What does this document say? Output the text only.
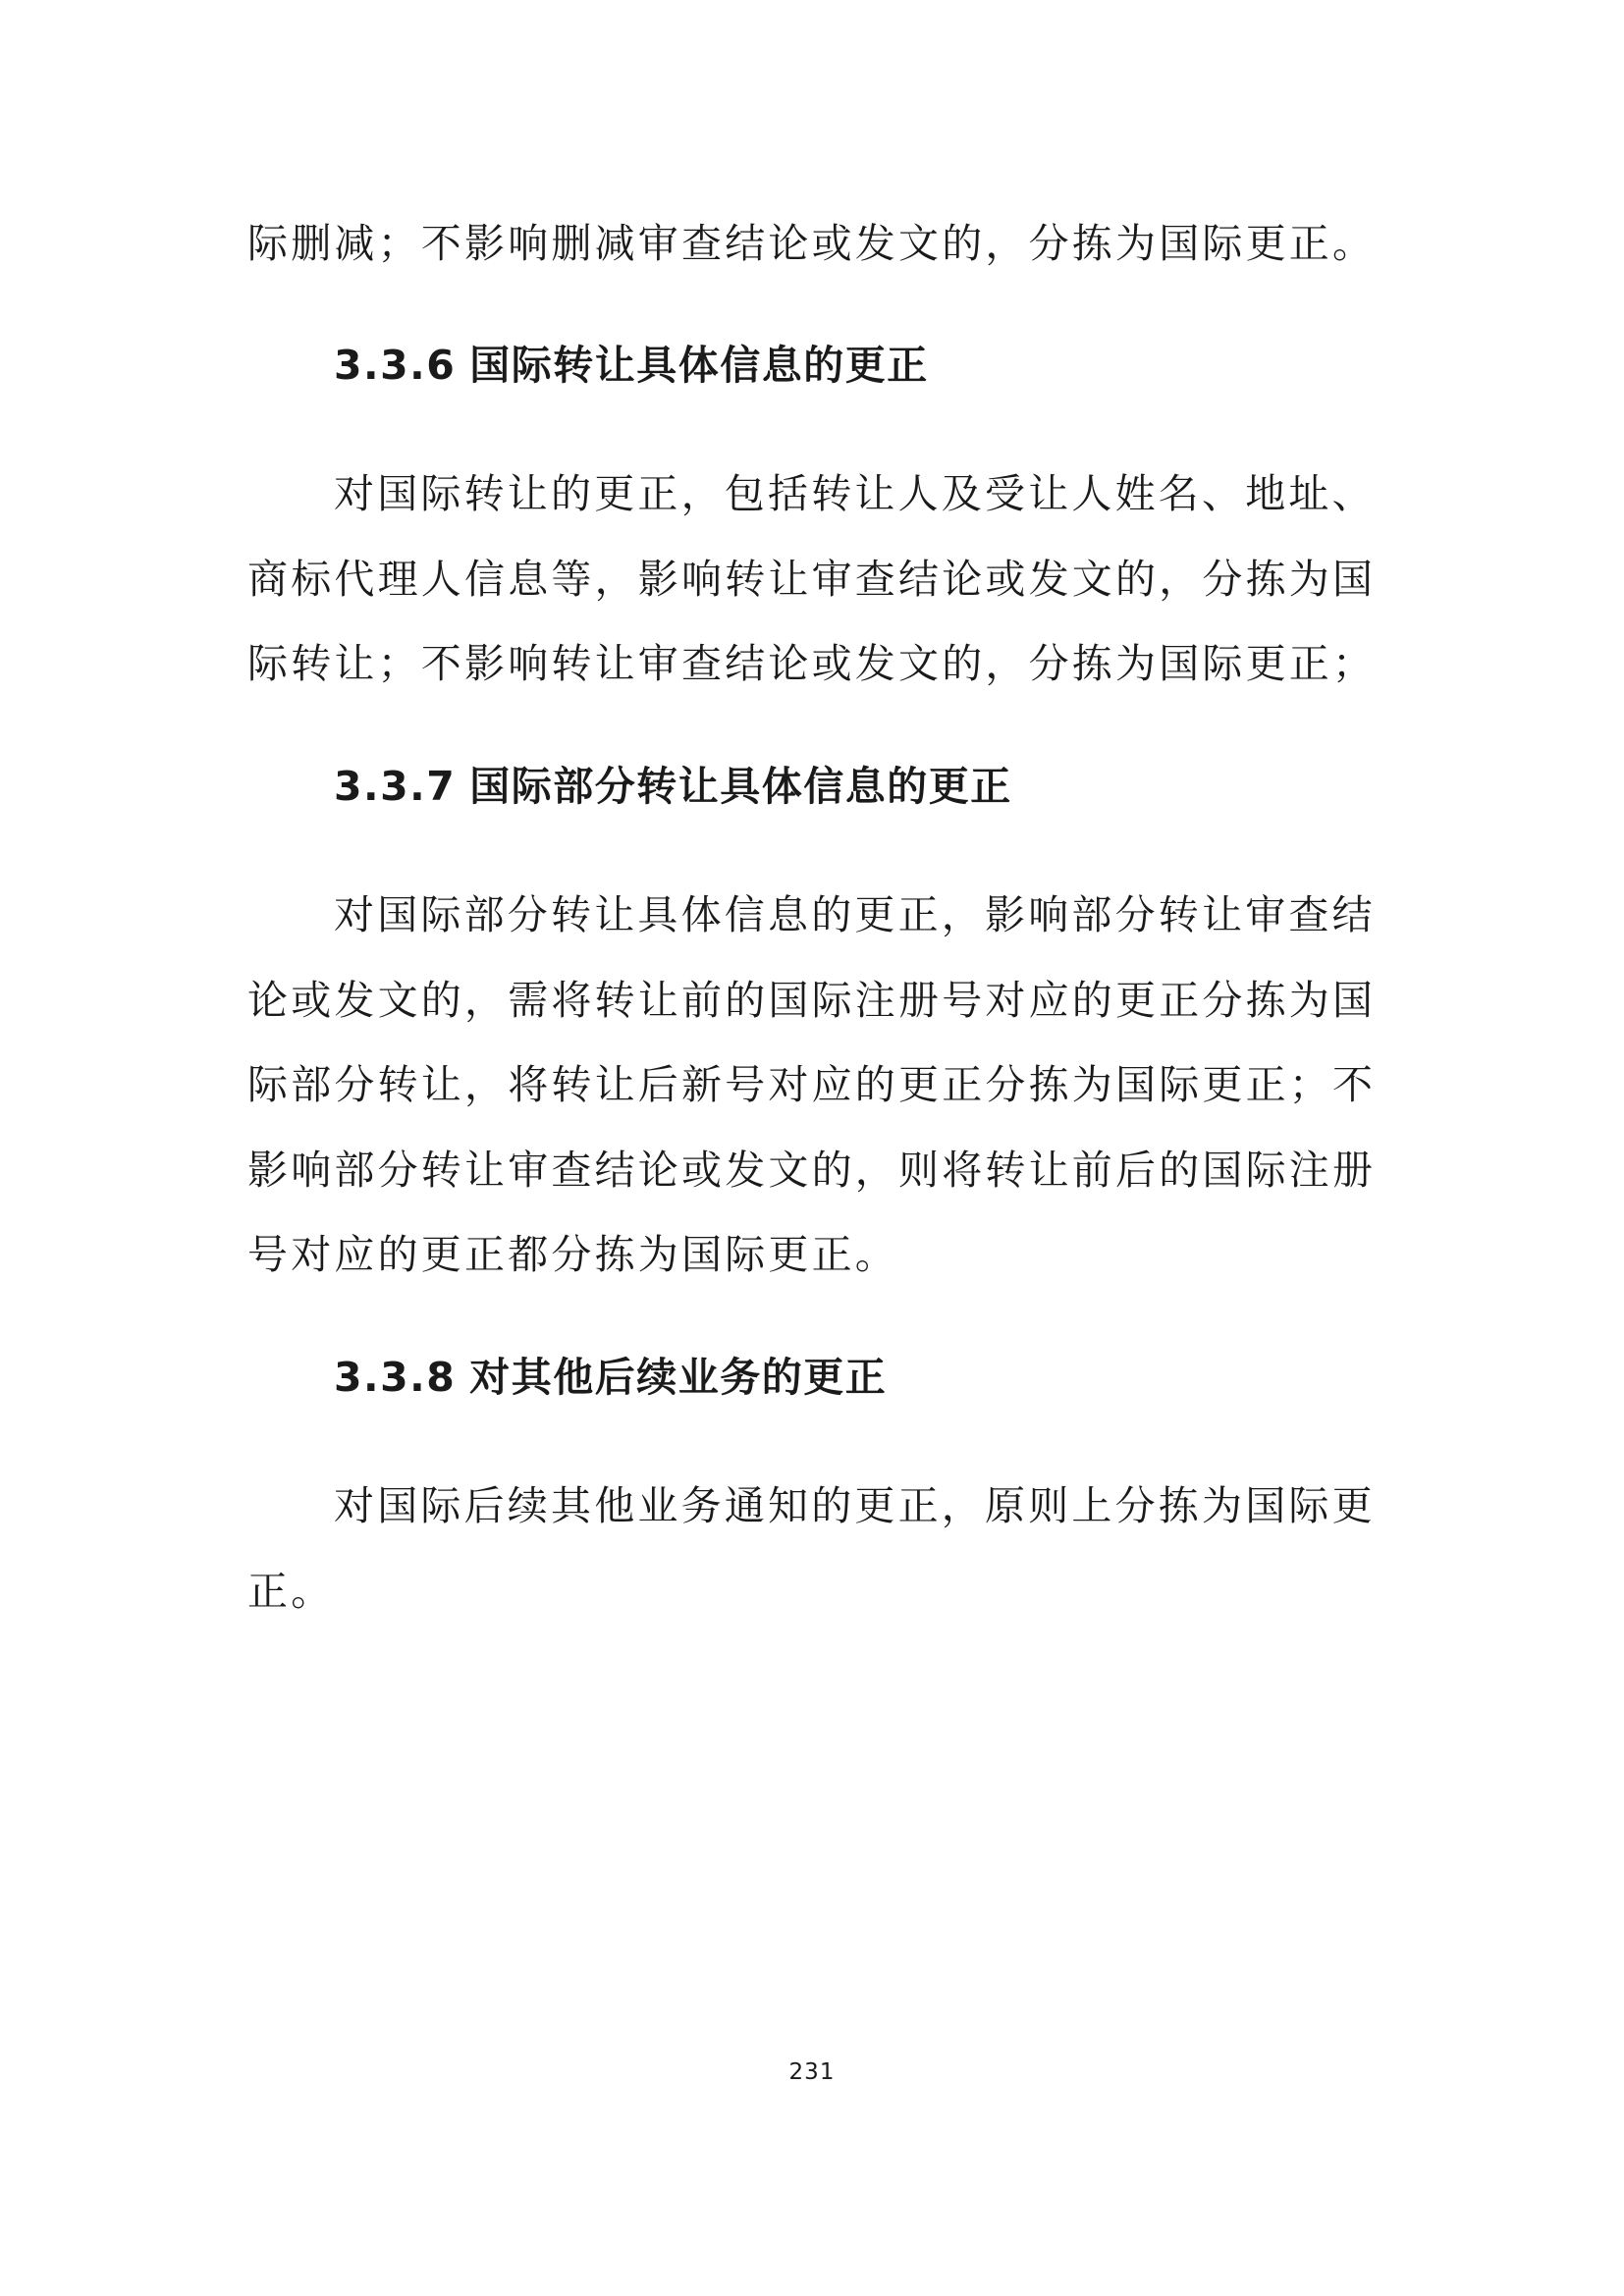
际删减；不影响删减审查结论或发文的，分拣为国际更正。
3.3.6 国际转让具体信息的更正
对国际转让的更正，包括转让人及受让人姓名、地址、
商标代理人信息等，影响转让审查结论或发文的，分拣为国
际转让；不影响转让审查结论或发文的，分拣为国际更正；
3.3.7 国际部分转让具体信息的更正
对国际部分转让具体信息的更正，影响部分转让审查结
论或发文的，需将转让前的国际注册号对应的更正分拣为国
际部分转让，将转让后新号对应的更正分拣为国际更正；不
影响部分转让审查结论或发文的，则将转让前后的国际注册
号对应的更正都分拣为国际更正。
3.3.8 对其他后续业务的更正
对国际后续其他业务通知的更正，原则上分拣为国际更
正。
231
